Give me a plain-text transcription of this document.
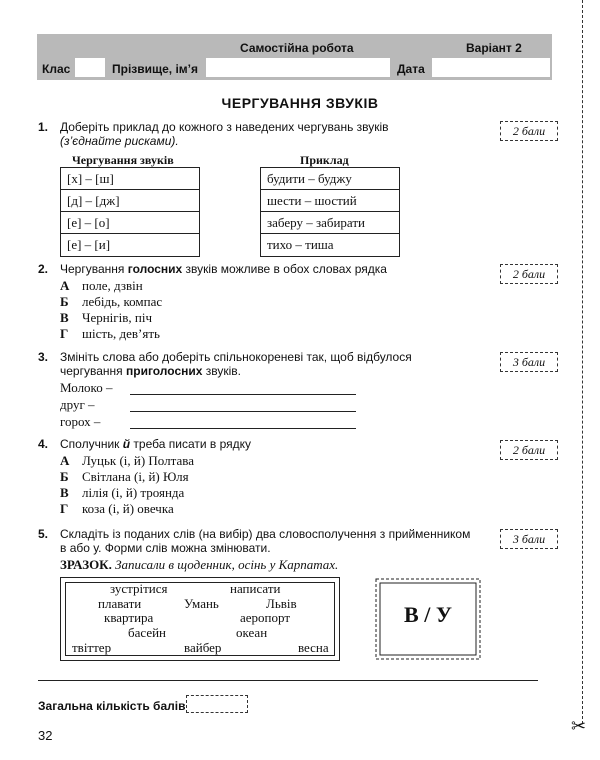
Самостійна робота	Варіант 2
Клас	Прізвище, ім’я	Дата
✂
ЧЕРГУВАННЯ ЗВУКІВ
1. Доберіть приклад до кожного з наведених чергувань звуків
(з’єднайте рисками).
2 бали
Чергування звуків	Приклад
[х] – [ш]
[д] – [дж]
[е] – [о]
[е] – [и]
будити – буджу
шести – шостий
заберу – забирати
тихо – тиша
2. Чергування голосних звуків можливе в обох словах рядка	2 бали
А поле, дзвін
Б лебідь, компас
В Чернігів, піч
Г шість, дев’ять
3. Змініть слова або доберіть спільнокореневі так, щоб відбулося
чергування приголосних звуків.
3 бали
Молоко –
друг –
горох –
4. Сполучник й треба писати в рядку	2 бали
А Луцьк (і, й) Полтава
Б Світлана (і, й) Юля
В лілія (і, й) троянда
Г коза (і, й) овечка
5. Складіть із поданих слів (на вибір) два словосполучення з прийменником
в або у. Форми слів можна змінювати.
3 бали
ЗРАЗОК. Записали в щоденник, осінь у Карпатах.
зустрітися	написати
плавати	Умань	Львів
квартира	аеропорт
басейн	океан
твіттер	вайбер	весна
В / У
Загальна кількість балів
32
